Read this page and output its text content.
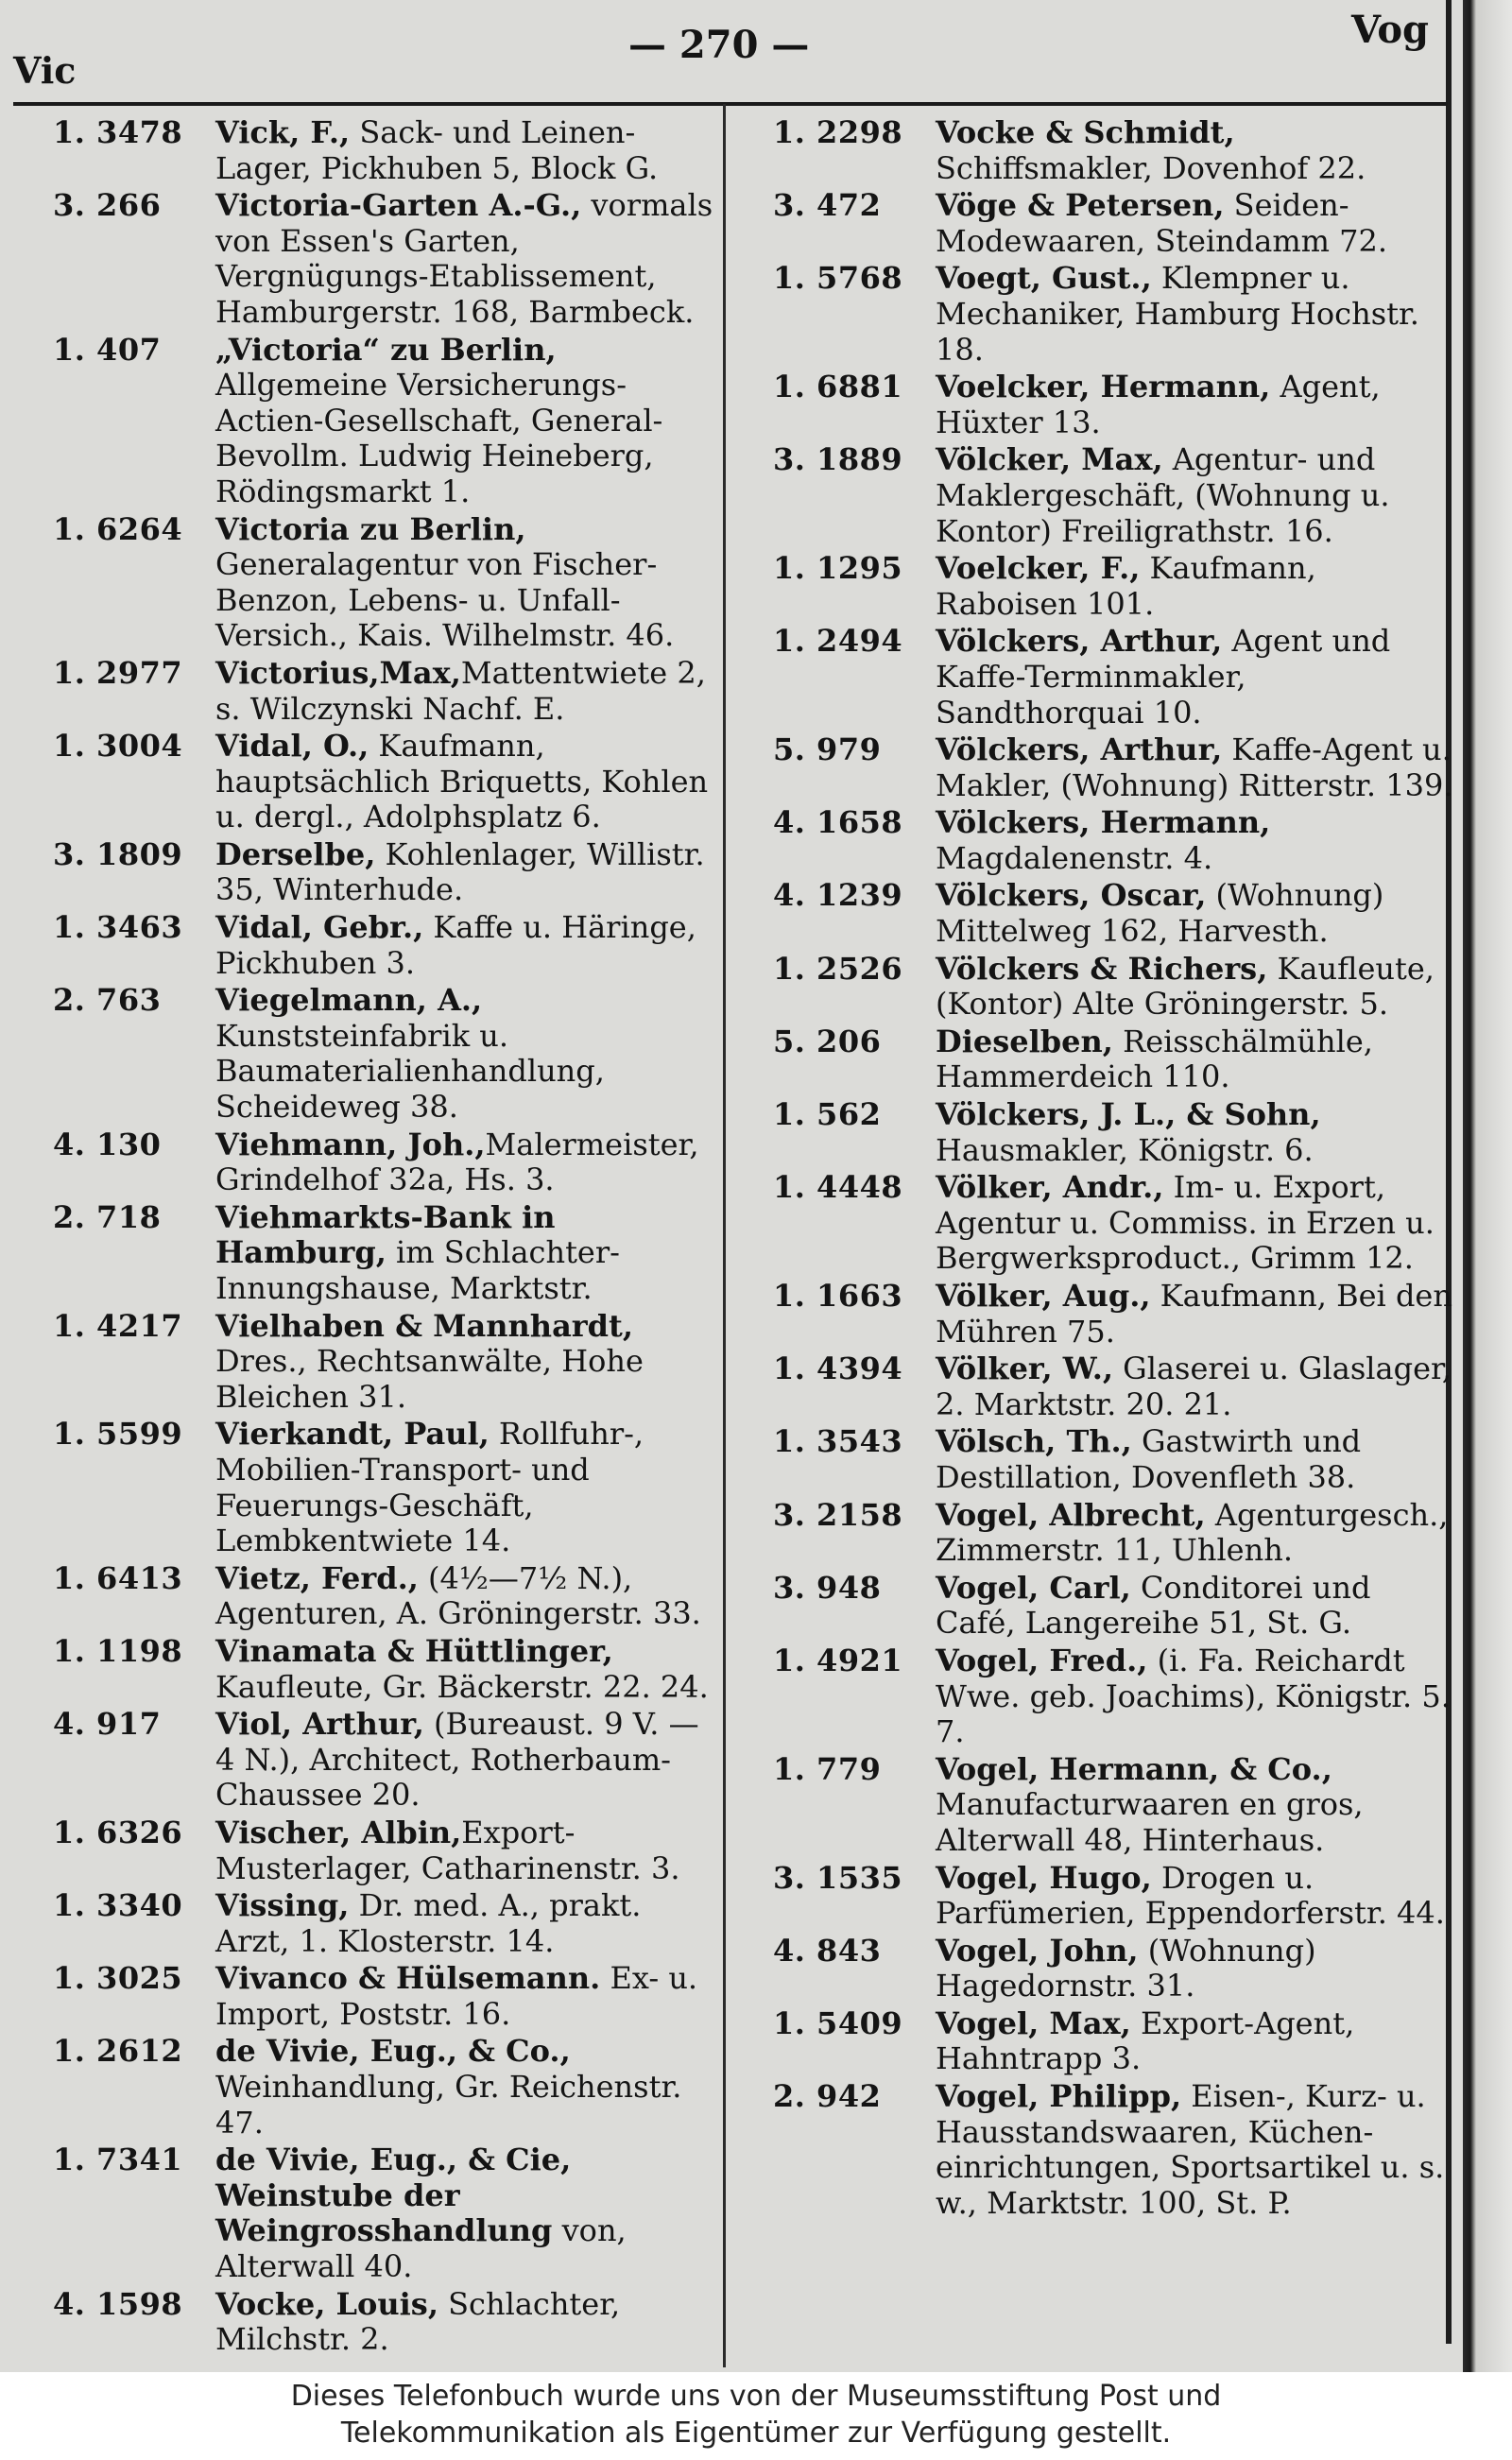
Vic
— 270 —	Vog
1. 3478	Vick, F., Sack- und Leinen-Lager, Pickhuben 5, Block G.
3. 266	Victoria-Garten A.-G., vormals von Essen's Garten, Vergnügungs-Etablissement, Hamburgerstr. 168, Barmbeck.
1. 407	„Victoria“ zu Berlin, Allgemeine Versicherungs-Actien-Gesellschaft, General-Bevollm. Ludwig Heineberg, Rödingsmarkt 1.
1. 6264	Victoria zu Berlin, Generalagentur von Fischer-Benzon, Lebens- u. Unfall-Versich., Kais. Wilhelmstr. 46.
1. 2977	Victorius,Max,Mattentwiete 2, s. Wilczynski Nachf. E.
1. 3004	Vidal, O., Kaufmann, hauptsächlich Briquetts, Kohlen u. dergl., Adolphsplatz 6.
3. 1809	Derselbe, Kohlenlager, Willistr. 35, Winterhude.
1. 3463	Vidal, Gebr., Kaffe u. Häringe, Pickhuben 3.
2. 763	Viegelmann, A., Kunststeinfabrik u. Baumaterialienhandlung, Scheideweg 38.
4. 130	Viehmann, Joh.,Malermeister, Grindelhof 32a, Hs. 3.
2. 718	Viehmarkts-Bank in Hamburg, im Schlachter-Innungshause, Marktstr.
1. 4217	Vielhaben & Mannhardt, Dres., Rechtsanwälte, Hohe Bleichen 31.
1. 5599	Vierkandt, Paul, Rollfuhr-, Mobilien-Transport- und Feuerungs-Geschäft, Lembkentwiete 14.
1. 6413	Vietz, Ferd., (4½—7½ N.), Agenturen, A. Gröningerstr. 33.
1. 1198	Vinamata & Hüttlinger, Kaufleute, Gr. Bäckerstr. 22. 24.
4. 917	Viol, Arthur, (Bureaust. 9 V. — 4 N.), Architect, Rotherbaum-Chaussee 20.
1. 6326	Vischer, Albin,Export-Musterlager, Catharinenstr. 3.
1. 3340	Vissing, Dr. med. A., prakt. Arzt, 1. Klosterstr. 14.
1. 3025	Vivanco & Hülsemann. Ex- u. Import, Poststr. 16.
1. 2612	de Vivie, Eug., & Co., Weinhandlung, Gr. Reichenstr. 47.
1. 7341	de Vivie, Eug., & Cie, Weinstube der Weingrosshandlung von, Alterwall 40.
4. 1598	Vocke, Louis, Schlachter, Milchstr. 2.
1. 2298	Vocke & Schmidt, Schiffsmakler, Dovenhof 22.
3. 472	Vöge & Petersen, Seiden-Modewaaren, Steindamm 72.
1. 5768	Voegt, Gust., Klempner u. Mechaniker, Hamburg Hochstr. 18.
1. 6881	Voelcker, Hermann, Agent, Hüxter 13.
3. 1889	Völcker, Max, Agentur- und Maklergeschäft, (Wohnung u. Kontor) Freiligrathstr. 16.
1. 1295	Voelcker, F., Kaufmann, Raboisen 101.
1. 2494	Völckers, Arthur, Agent und Kaffe-Terminmakler, Sandthorquai 10.
5. 979	Völckers, Arthur, Kaffe-Agent u. Makler, (Wohnung) Ritterstr. 139.
4. 1658	Völckers, Hermann, Magdalenenstr. 4.
4. 1239	Völckers, Oscar, (Wohnung) Mittelweg 162, Harvesth.
1. 2526	Völckers & Richers, Kaufleute, (Kontor) Alte Gröningerstr. 5.
5. 206	Dieselben, Reisschälmühle, Hammerdeich 110.
1. 562	Völckers, J. L., & Sohn, Hausmakler, Königstr. 6.
1. 4448	Völker, Andr., Im- u. Export, Agentur u. Commiss. in Erzen u. Bergwerksproduct., Grimm 12.
1. 1663	Völker, Aug., Kaufmann, Bei den Mühren 75.
1. 4394	Völker, W., Glaserei u. Glaslager, 2. Marktstr. 20. 21.
1. 3543	Völsch, Th., Gastwirth und Destillation, Dovenfleth 38.
3. 2158	Vogel, Albrecht, Agenturgesch., Zimmerstr. 11, Uhlenh.
3. 948	Vogel, Carl, Conditorei und Café, Langereihe 51, St. G.
1. 4921	Vogel, Fred., (i. Fa. Reichardt Wwe. geb. Joachims), Königstr. 5. 7.
1. 779	Vogel, Hermann, & Co., Manufacturwaaren en gros, Alterwall 48, Hinterhaus.
3. 1535	Vogel, Hugo, Drogen u. Parfümerien, Eppendorferstr. 44.
4. 843	Vogel, John, (Wohnung) Hagedornstr. 31.
1. 5409	Vogel, Max, Export-Agent, Hahntrapp 3.
2. 942	Vogel, Philipp, Eisen-, Kurz- u. Hausstandswaaren, Küchen-einrichtungen, Sportsartikel u. s. w., Marktstr. 100, St. P.
Dieses Telefonbuch wurde uns von der Museumsstiftung Post und
Telekommunikation als Eigentümer zur Verfügung gestellt.
